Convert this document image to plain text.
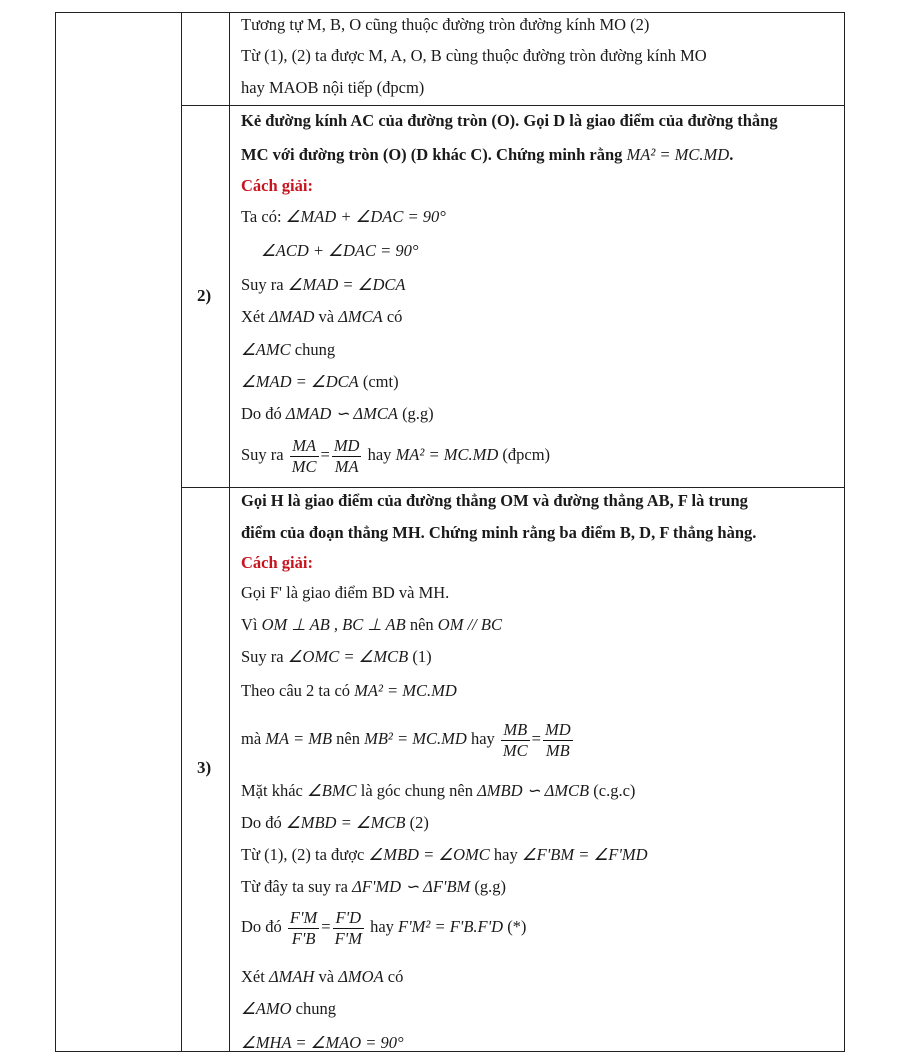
Tương tự M, B, O cũng thuộc đường tròn đường kính MO (2)
Từ (1), (2) ta được M, A, O, B cùng thuộc đường tròn đường kính MO
hay MAOB nội tiếp (đpcm)
2)
Kẻ đường kính AC của đường tròn (O). Gọi D là giao điểm của đường thẳng
MC với đường tròn (O) (D khác C). Chứng minh rằng MA² = MC.MD.
Cách giải:
Ta có: ∠MAD + ∠DAC = 90°
∠ACD + ∠DAC = 90°
Suy ra ∠MAD = ∠DCA
Xét ΔMAD và ΔMCA có
∠AMC chung
∠MAD = ∠DCA (cmt)
Do đó ΔMAD ∽ ΔMCA (g.g)
Suy ra $\frac{MA}{MC} = \frac{MD}{MA}$ hay MA² = MC.MD (đpcm)
3)
Gọi H là giao điểm của đường thẳng OM và đường thẳng AB, F là trung
điểm của đoạn thẳng MH. Chứng minh rằng ba điểm B, D, F thẳng hàng.
Cách giải:
Gọi F' là giao điểm BD và MH.
Vì OM ⊥ AB , BC ⊥ AB nên OM // BC
Suy ra ∠OMC = ∠MCB (1)
Theo câu 2 ta có MA² = MC.MD
mà MA = MB nên MB² = MC.MD hay $\frac{MB}{MC} = \frac{MD}{MB}$
Mặt khác ∠BMC là góc chung nên ΔMBD ∽ ΔMCB (c.g.c)
Do đó ∠MBD = ∠MCB (2)
Từ (1), (2) ta được ∠MBD = ∠OMC hay ∠F'BM = ∠F'MD
Từ đây ta suy ra ΔF'MD ∽ ΔF'BM (g.g)
Do đó $\frac{F'M}{F'B} = \frac{F'D}{F'M}$ hay F'M² = F'B.F'D (*)
Xét ΔMAH và ΔMOA có
∠AMO chung
∠MHA = ∠MAO = 90°
